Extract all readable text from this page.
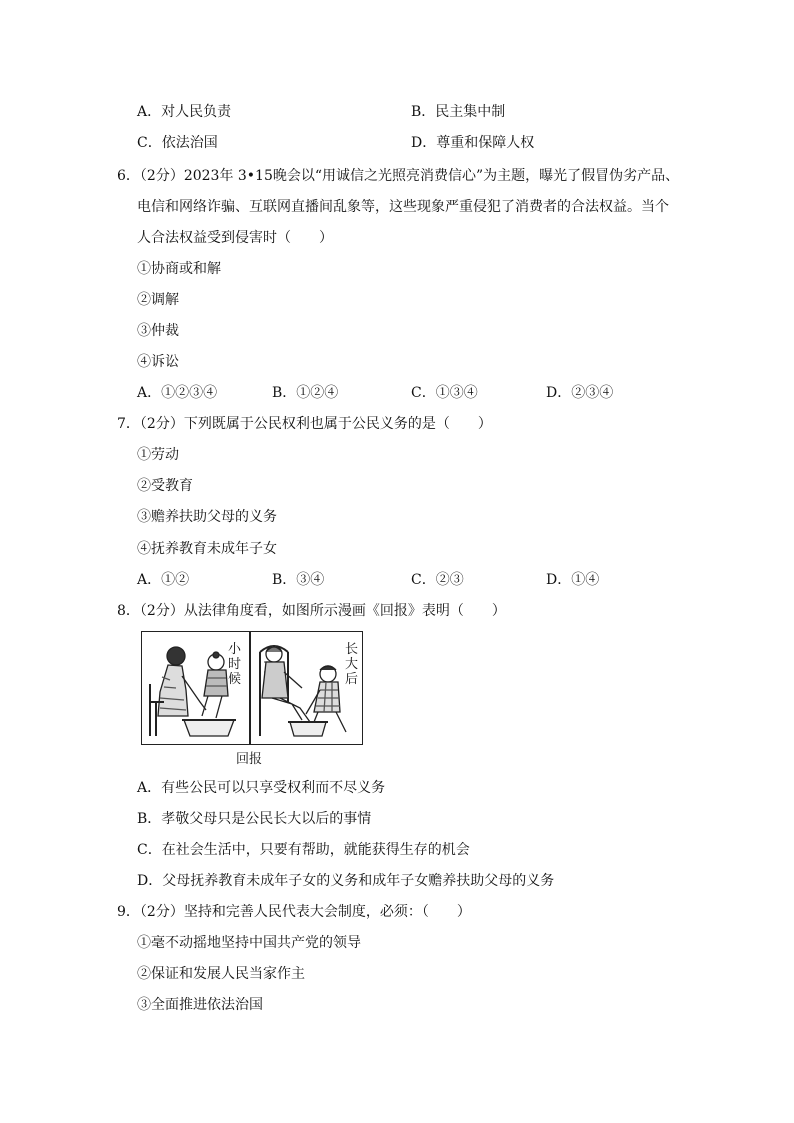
A．对人民负责	B．民主集中制
C．依法治国	D．尊重和保障人权
6．（2分）2023年 3•15晚会以“用诚信之光照亮消费信心”为主题，曝光了假冒伪劣产品、
电信和网络诈骗、互联网直播间乱象等，这些现象严重侵犯了消费者的合法权益。当个
人合法权益受到侵害时（　　）
①协商或和解
②调解
③仲裁
④诉讼
A．①②③④	B．①②④	C．①③④	D．②③④
7．（2分）下列既属于公民权利也属于公民义务的是（　　）
①劳动
②受教育
③赡养扶助父母的义务
④抚养教育未成年子女
A．①②	B．③④	C．②③	D．①④
8．（2分）从法律角度看，如图所示漫画《回报》表明（　　）
小时候
长大后
回报
A．有些公民可以只享受权利而不尽义务
B．孝敬父母只是公民长大以后的事情
C．在社会生活中，只要有帮助，就能获得生存的机会
D．父母抚养教育未成年子女的义务和成年子女赡养扶助父母的义务
9．（2分）坚持和完善人民代表大会制度，必须：（　　）
①毫不动摇地坚持中国共产党的领导
②保证和发展人民当家作主
③全面推进依法治国
